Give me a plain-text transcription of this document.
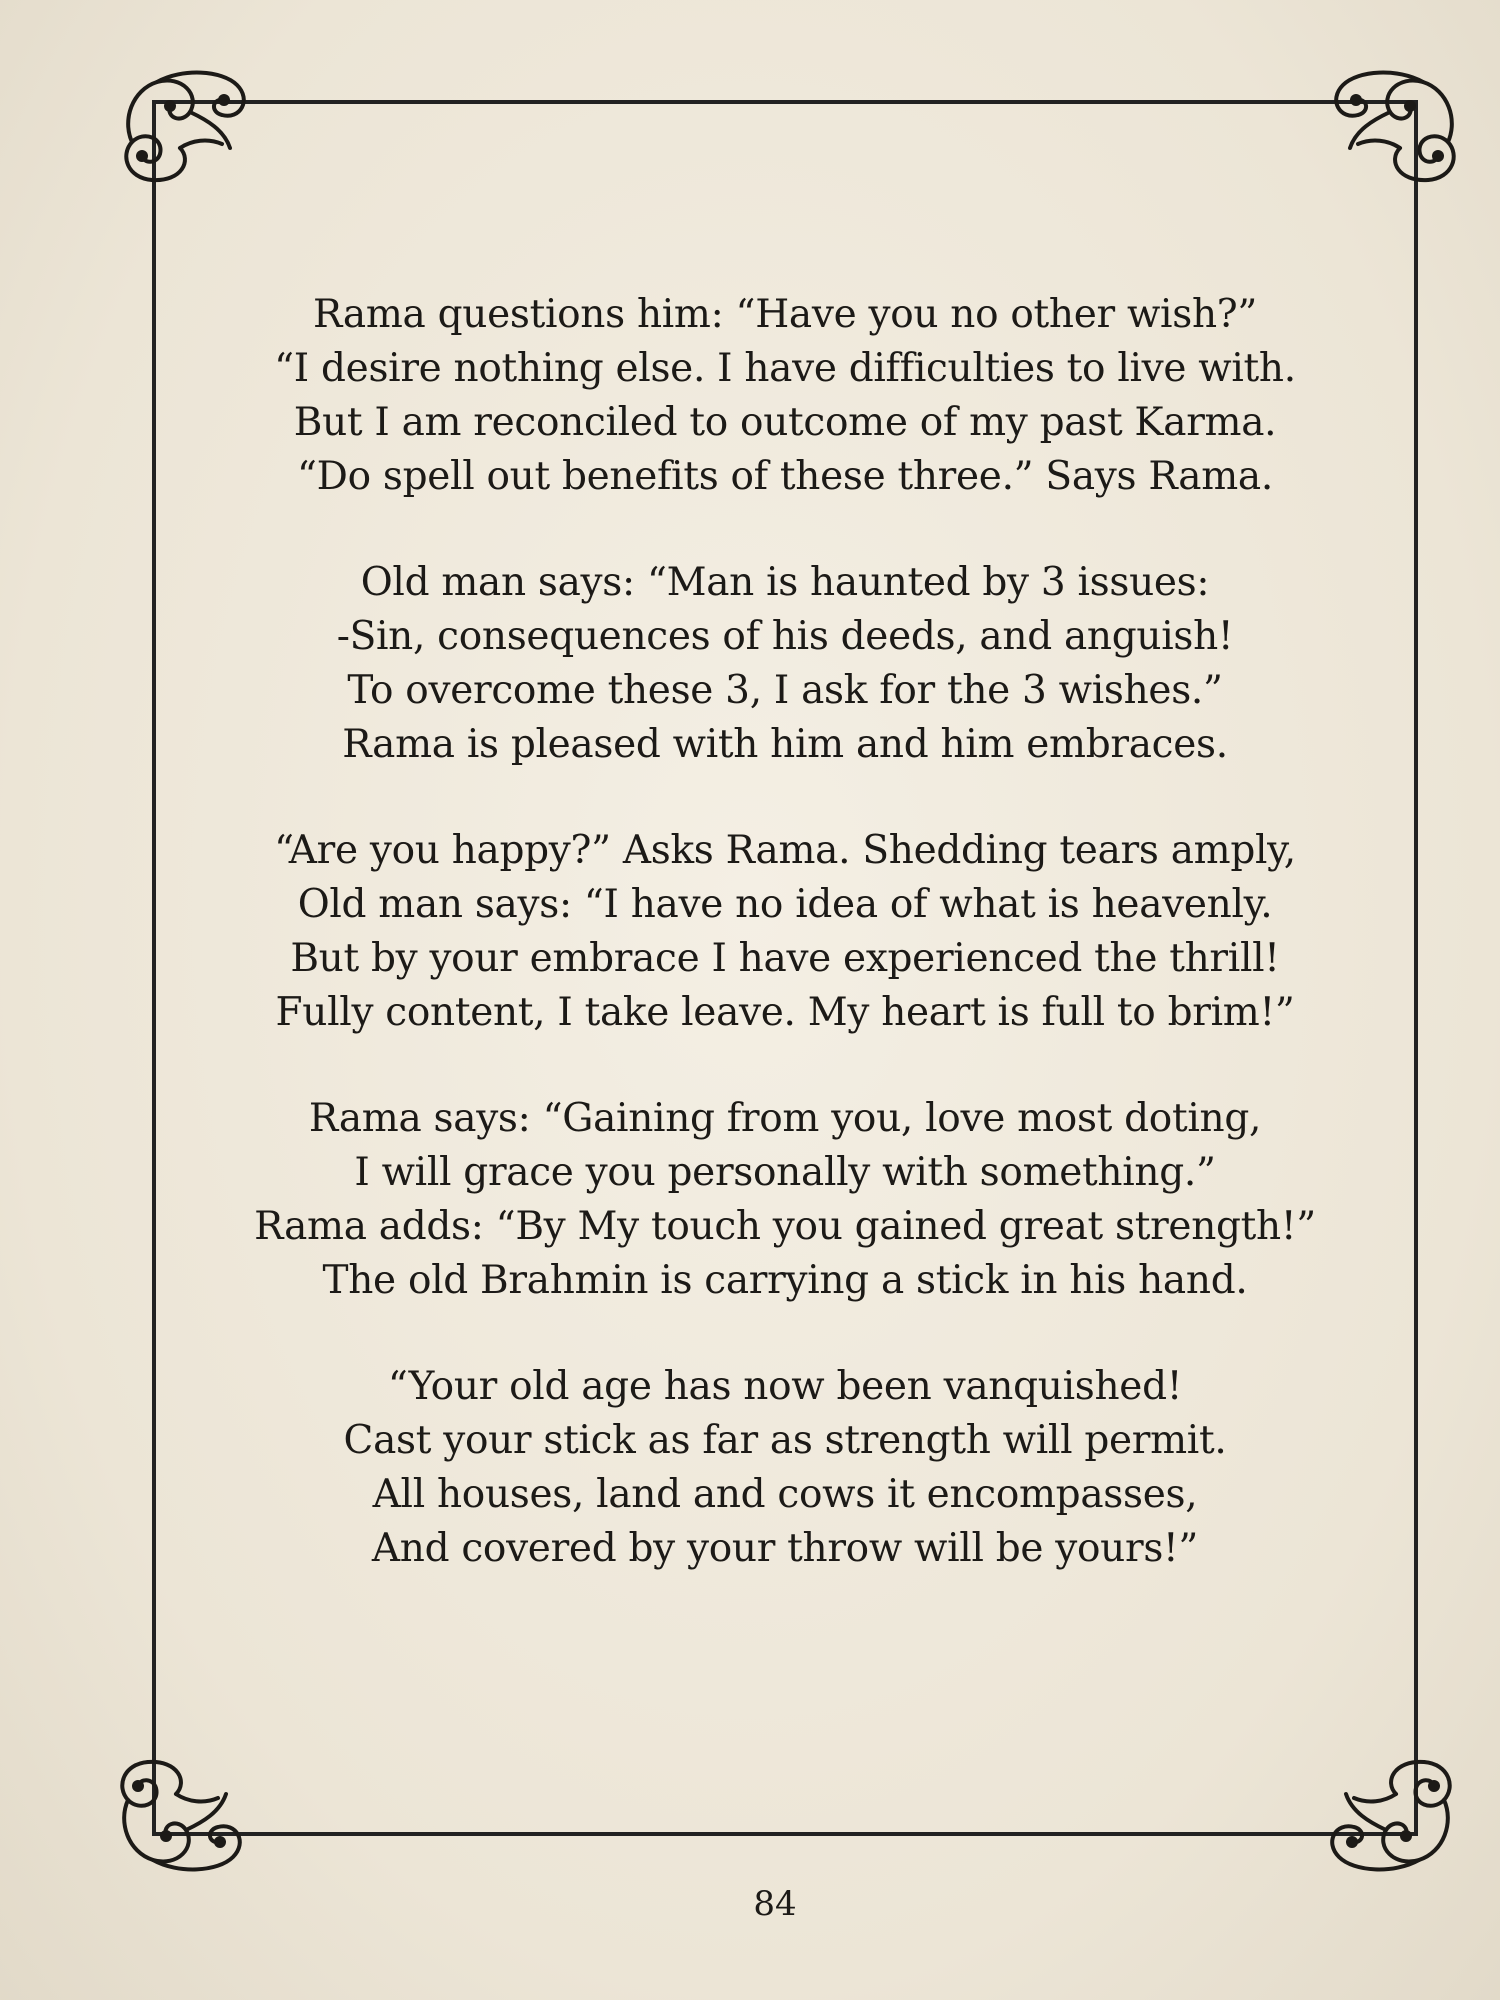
Rama questions him: “Have you no other wish?”
“I desire nothing else. I have difficulties to live with.
But I am reconciled to outcome of my past Karma.
“Do spell out benefits of these three.” Says Rama.
Old man says: “Man is haunted by 3 issues:
-Sin, consequences of his deeds, and anguish!
To overcome these 3, I ask for the 3 wishes.”
Rama is pleased with him and him embraces.
“Are you happy?” Asks Rama. Shedding tears amply,
Old man says: “I have no idea of what is heavenly.
But by your embrace I have experienced the thrill!
Fully content, I take leave. My heart is full to brim!”
Rama says: “Gaining from you, love most doting,
I will grace you personally with something.”
Rama adds: “By My touch you gained great strength!”
The old Brahmin is carrying a stick in his hand.
“Your old age has now been vanquished!
Cast your stick as far as strength will permit.
All houses, land and cows it encompasses,
And covered by your throw will be yours!”
84
